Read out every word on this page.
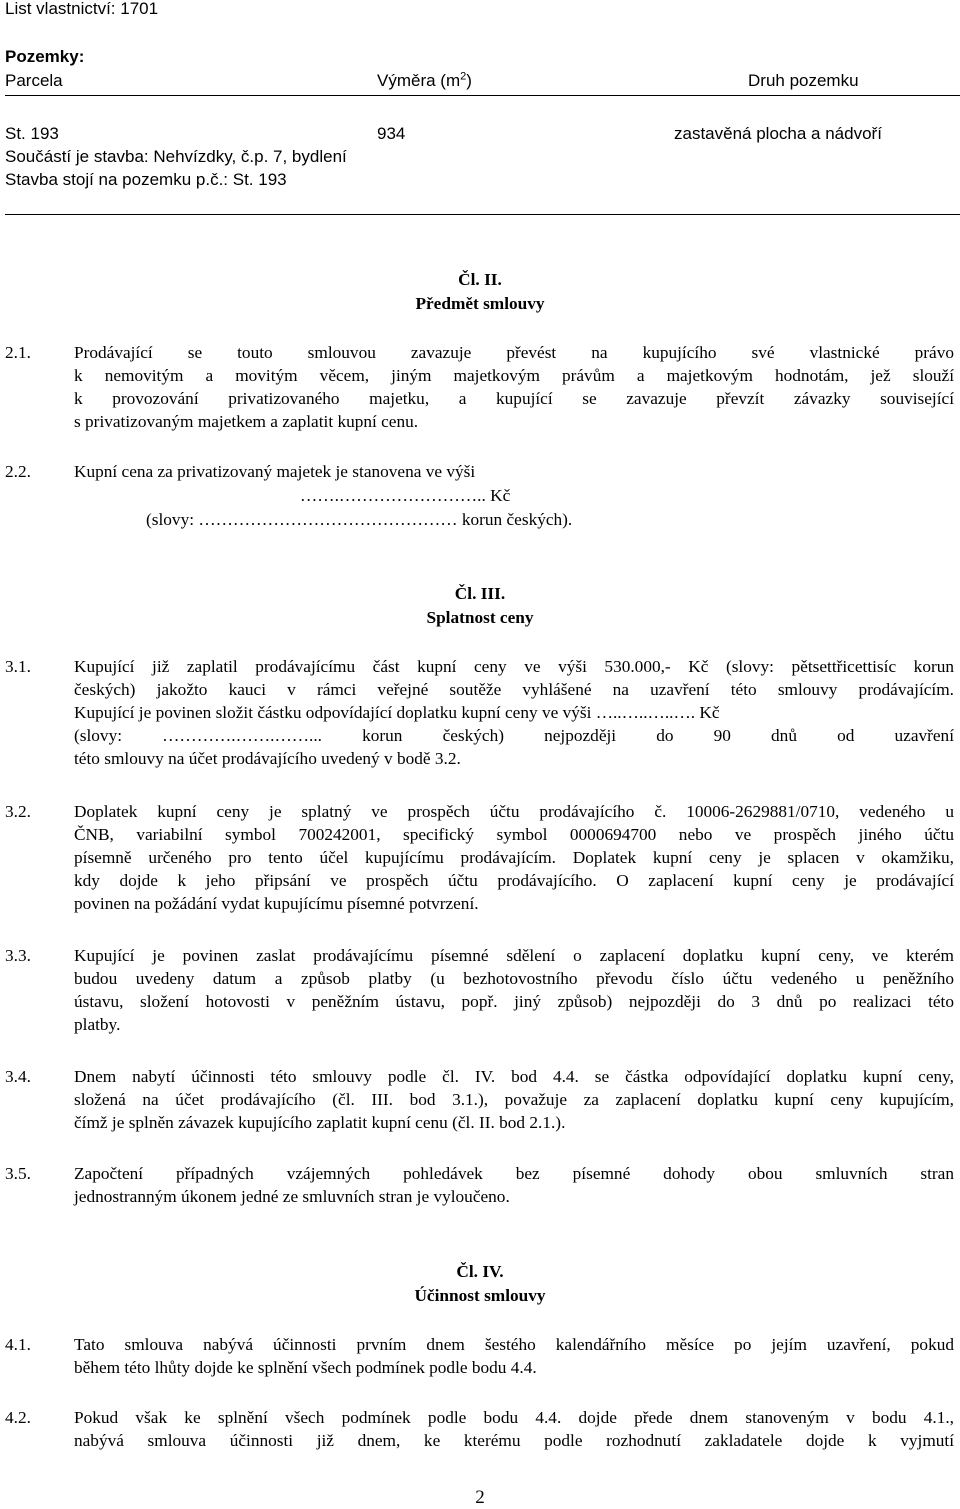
List vlastnictví: 1701
Pozemky:
Parcela	Výměra $(m^2)$	Druh pozemku
St. 193	934	zastavěná plocha a nádvoří
Součástí je stavba: Nehvízdky, č.p. 7, bydlení
Stavba stojí na pozemku p.č.: St. 193
Čl. II.
Předmět smlouvy
2.1.	Prodávající se touto smlouvou zavazuje převést na kupujícího své vlastnické právo
k nemovitým a movitým věcem, jiným majetkovým právům a majetkovým hodnotám, jež slouží
k provozování privatizovaného majetku, a kupující se zavazuje převzít závazky související
s privatizovaným majetkem a zaplatit kupní cenu.
2.2.	Kupní cena za privatizovaný majetek je stanovena ve výši
…….…………………….. Kč
(slovy: ……………………………………… korun českých).
Čl. III.
Splatnost ceny
3.1.	Kupující již zaplatil prodávajícímu část kupní ceny ve výši 530.000,- Kč (slovy: pětsettřicettisíc korun
českých) jakožto kauci v rámci veřejné soutěže vyhlášené na uzavření této smlouvy prodávajícím.
Kupující je povinen složit částku odpovídající doplatku kupní ceny ve výši …..…..…..…. Kč
(slovy: ………….…….……... korun českých) nejpozději do 90 dnů od uzavření
této smlouvy na účet prodávajícího uvedený v bodě 3.2.
3.2.	Doplatek kupní ceny je splatný ve prospěch účtu prodávajícího č. 10006-2629881/0710, vedeného u
ČNB, variabilní symbol 700242001, specifický symbol 0000694700 nebo ve prospěch jiného účtu
písemně určeného pro tento účel kupujícímu prodávajícím. Doplatek kupní ceny je splacen v okamžiku,
kdy dojde k jeho připsání ve prospěch účtu prodávajícího. O zaplacení kupní ceny je prodávající
povinen na požádání vydat kupujícímu písemné potvrzení.
3.3.	Kupující je povinen zaslat prodávajícímu písemné sdělení o zaplacení doplatku kupní ceny, ve kterém
budou uvedeny datum a způsob platby (u bezhotovostního převodu číslo účtu vedeného u peněžního
ústavu, složení hotovosti v peněžním ústavu, popř. jiný způsob) nejpozději do 3 dnů po realizaci této
platby.
3.4.	Dnem nabytí účinnosti této smlouvy podle čl. IV. bod 4.4. se částka odpovídající doplatku kupní ceny,
složená na účet prodávajícího (čl. III. bod 3.1.), považuje za zaplacení doplatku kupní ceny kupujícím,
čímž je splněn závazek kupujícího zaplatit kupní cenu (čl. II. bod 2.1.).
3.5.	Započtení případných vzájemných pohledávek bez písemné dohody obou smluvních stran
jednostranným úkonem jedné ze smluvních stran je vyloučeno.
Čl. IV.
Účinnost smlouvy
4.1.	Tato smlouva nabývá účinnosti prvním dnem šestého kalendářního měsíce po jejím uzavření, pokud
během této lhůty dojde ke splnění všech podmínek podle bodu 4.4.
4.2.	Pokud však ke splnění všech podmínek podle bodu 4.4. dojde přede dnem stanoveným v bodu 4.1.,
nabývá smlouva účinnosti již dnem, ke kterému podle rozhodnutí zakladatele dojde k vyjmutí
2
